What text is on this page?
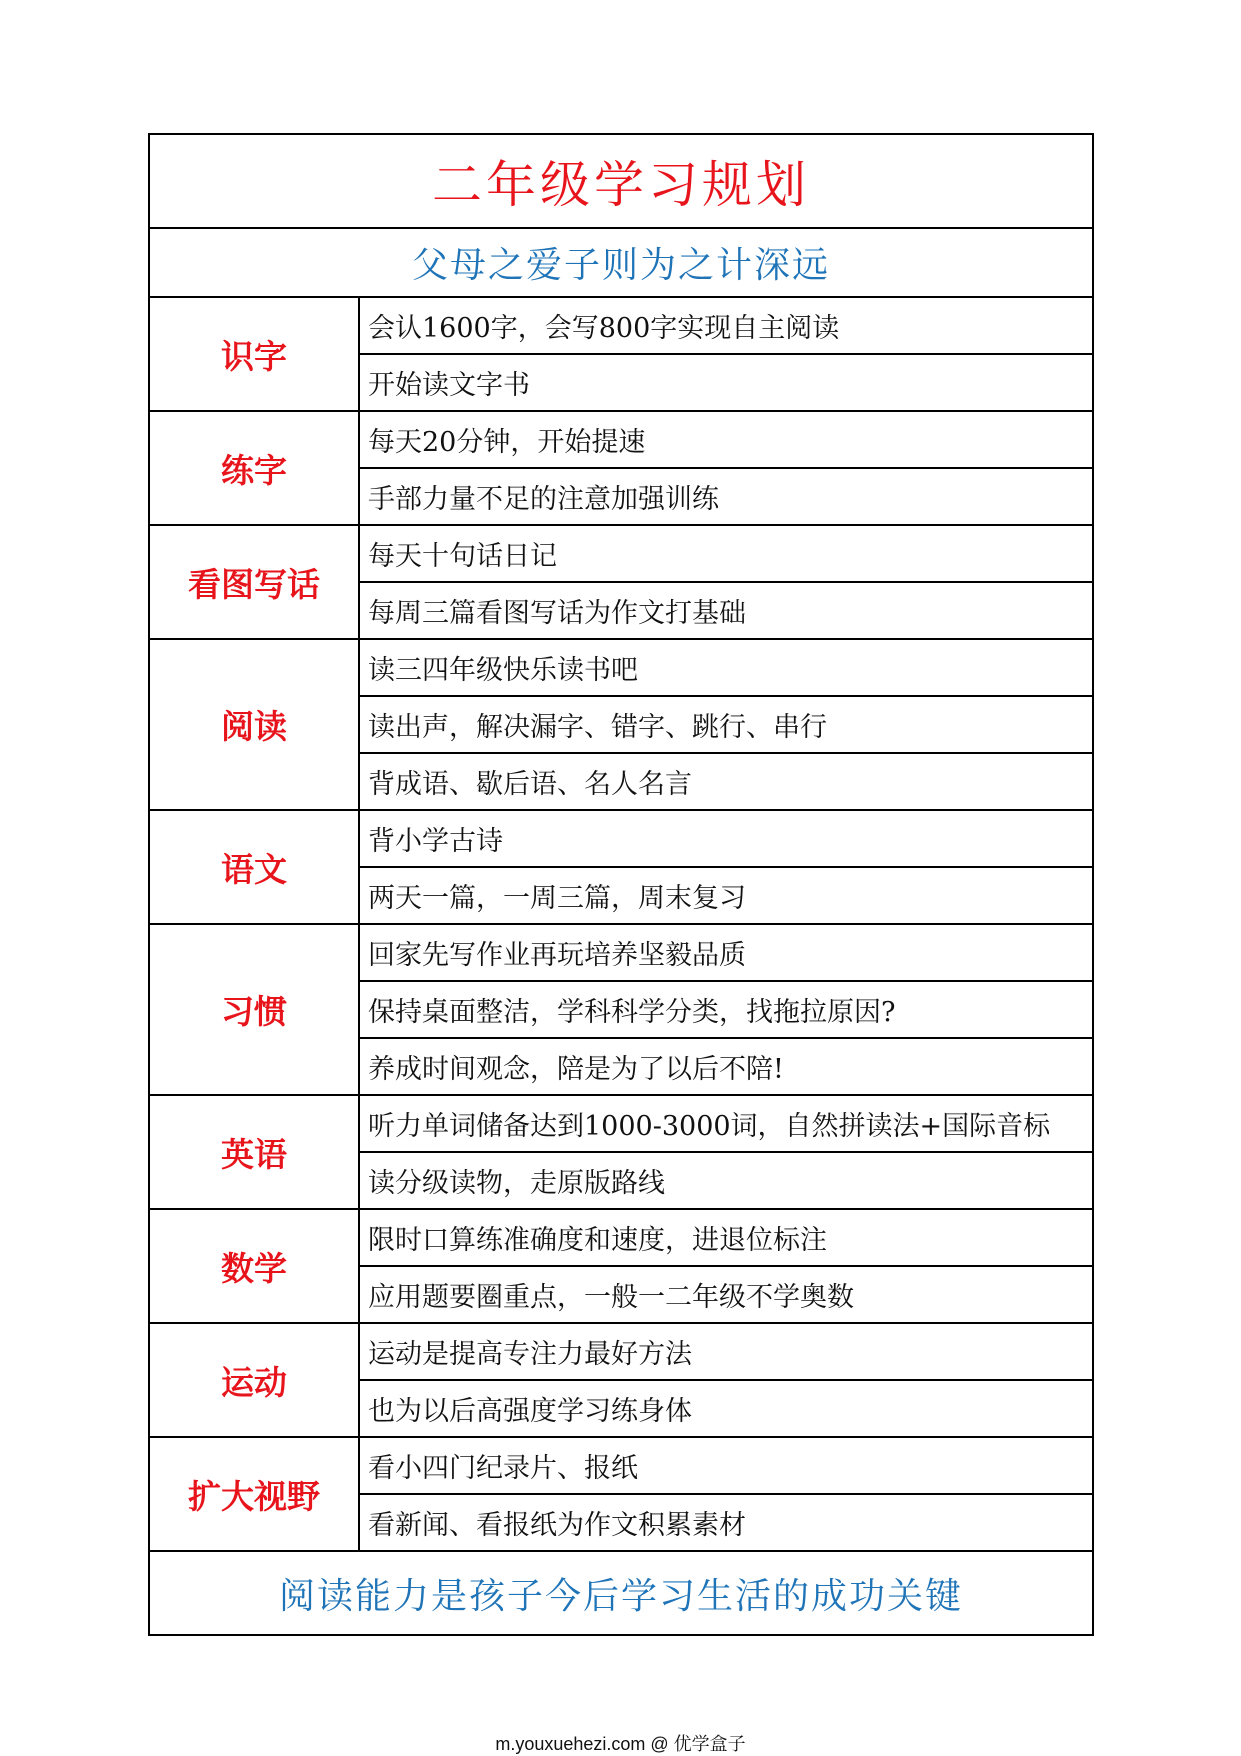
二年级学习规划
父母之爱子则为之计深远
识字
会认1600字，会写800字实现自主阅读
开始读文字书
练字
每天20分钟，开始提速
手部力量不足的注意加强训练
看图写话
每天十句话日记
每周三篇看图写话为作文打基础
阅读
读三四年级快乐读书吧
读出声，解决漏字、错字、跳行、串行
背成语、歇后语、名人名言
语文
背小学古诗
两天一篇，一周三篇，周末复习
习惯
回家先写作业再玩培养坚毅品质
保持桌面整洁，学科科学分类，找拖拉原因?
养成时间观念，陪是为了以后不陪!
英语
听力单词储备达到1000-3000词，自然拼读法+国际音标
读分级读物，走原版路线
数学
限时口算练准确度和速度，进退位标注
应用题要圈重点，一般一二年级不学奥数
运动
运动是提高专注力最好方法
也为以后高强度学习练身体
扩大视野
看小四门纪录片、报纸
看新闻、看报纸为作文积累素材
阅读能力是孩子今后学习生活的成功关键
m.youxuehezi.com @ 优学盒子
